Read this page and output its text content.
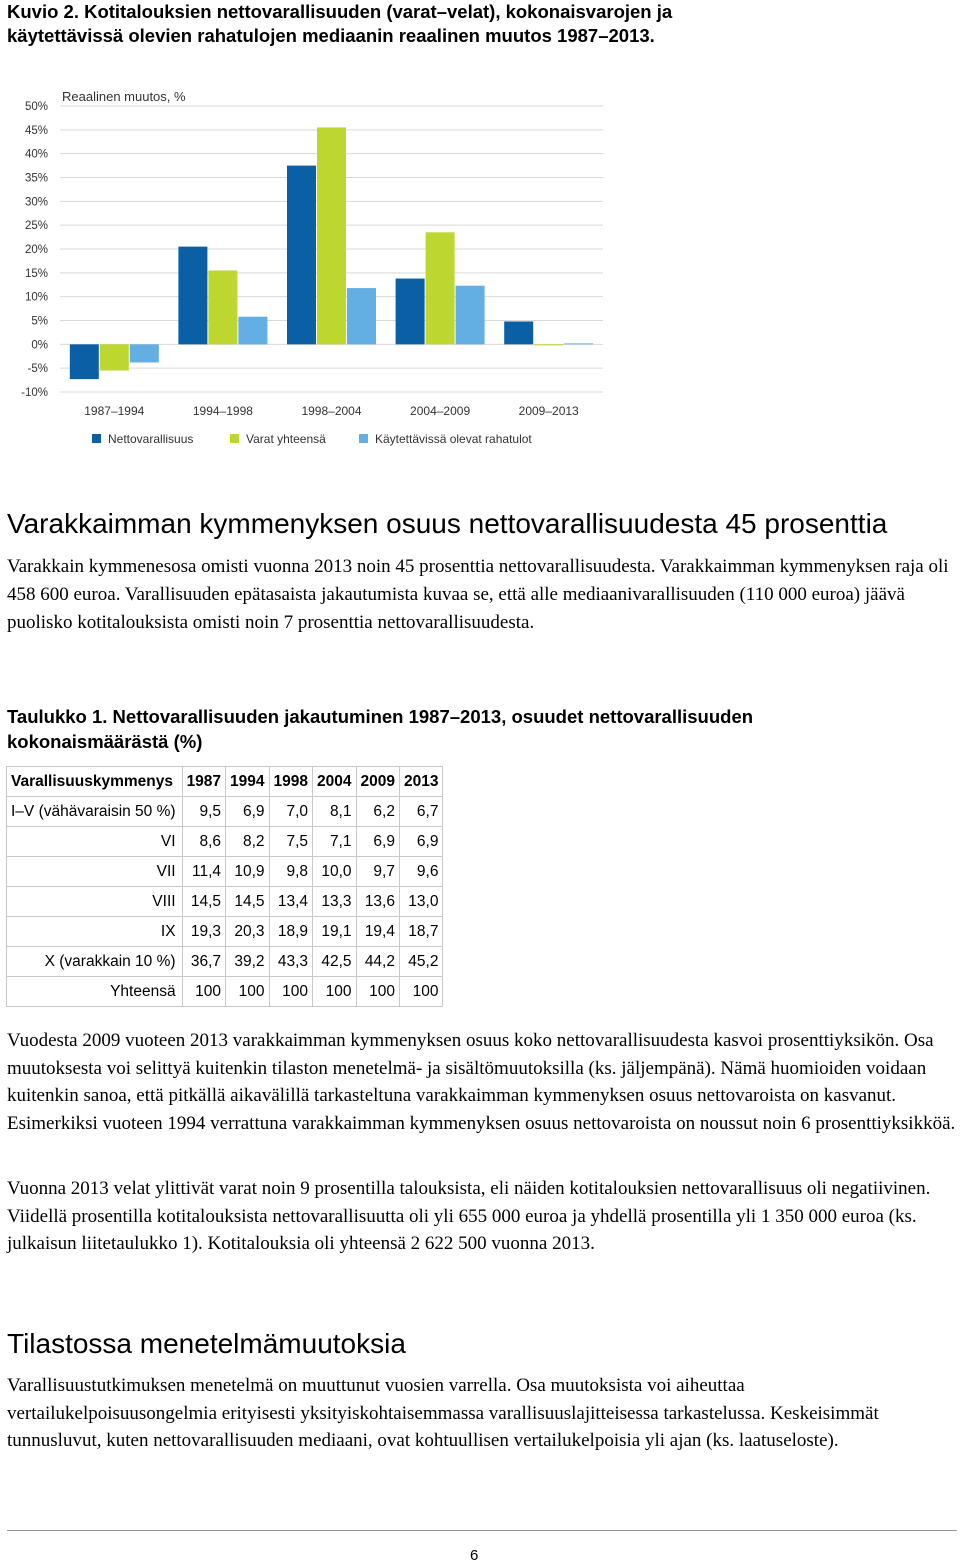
Kuvio 2. Kotitalouksien nettovarallisuuden (varat–velat), kokonaisvarojen ja käytettävissä olevien rahatulojen mediaanin reaalinen muutos 1987–2013.
50%
45%
40%
35%
30%
25%
20%
15%
10%
5%
0%
-5%
-10%
1987–1994	1994–1998	1998–2004	2004–2009	2009–2013
Nettovarallisuus	Varat yhteensä	Käytettävissä olevat rahatulot
Reaalinen muutos, %
Varakkaimman kymmenyksen osuus nettovarallisuudesta 45 prosenttia

Varakkain kymmenesosa omisti vuonna 2013 noin 45 prosenttia nettovarallisuudesta. Varakkaimman kymmenyksen raja oli 458 600 euroa. Varallisuuden epätasaista jakautumista kuvaa se, että alle mediaanivarallisuuden (110 000 euroa) jäävä puolisko kotitalouksista omisti noin 7 prosenttia nettovarallisuudesta.

Taulukko 1. Nettovarallisuuden jakautuminen 1987–2013, osuudet nettovarallisuuden kokonaismäärästä (%)
Varallisuuskymmenys	1987	1994	1998	2004	2009	2013
I–V (vähävaraisin 50 %)	9,5	6,9	7,0	8,1	6,2	6,7
VI	8,6	8,2	7,5	7,1	6,9	6,9
VII	11,4	10,9	9,8	10,0	9,7	9,6
VIII	14,5	14,5	13,4	13,3	13,6	13,0
IX	19,3	20,3	18,9	19,1	19,4	18,7
X (varakkain 10 %)	36,7	39,2	43,3	42,5	44,2	45,2
Yhteensä	100	100	100	100	100	100

Vuodesta 2009 vuoteen 2013 varakkaimman kymmenyksen osuus koko nettovarallisuudesta kasvoi prosenttiyksikön. Osa muutoksesta voi selittyä kuitenkin tilaston menetelmä- ja sisältömuutoksilla (ks. jäljempänä). Nämä huomioiden voidaan kuitenkin sanoa, että pitkällä aikavälillä tarkasteltuna varakkaimman kymmenyksen osuus nettovaroista on kasvanut. Esimerkiksi vuoteen 1994 verrattuna varakkaimman kymmenyksen osuus nettovaroista on noussut noin 6 prosenttiyksikköä.

Vuonna 2013 velat ylittivät varat noin 9 prosentilla talouksista, eli näiden kotitalouksien nettovarallisuus oli negatiivinen. Viidellä prosentilla kotitalouksista nettovarallisuutta oli yli 655 000 euroa ja yhdellä prosentilla yli 1 350 000 euroa (ks. julkaisun liitetaulukko 1). Kotitalouksia oli yhteensä 2 622 500 vuonna 2013.

Tilastossa menetelmämuutoksia

Varallisuustutkimuksen menetelmä on muuttunut vuosien varrella. Osa muutoksista voi aiheuttaa vertailukelpoisuusongelmia erityisesti yksityiskohtaisemmassa varallisuuslajitteisessa tarkastelussa. Keskeisimmät tunnusluvut, kuten nettovarallisuuden mediaani, ovat kohtuullisen vertailukelpoisia yli ajan (ks. laatuseloste).

6
